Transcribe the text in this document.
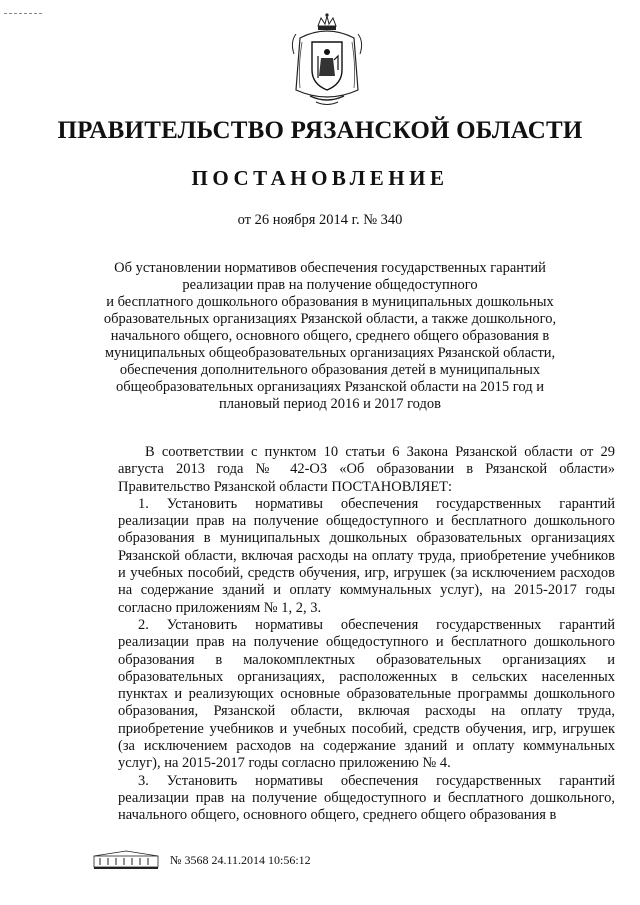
ПРАВИТЕЛЬСТВО РЯЗАНСКОЙ ОБЛАСТИ
ПОСТАНОВЛЕНИЕ
от 26 ноября 2014 г. № 340
Об установлении нормативов обеспечения государственных гарантий
реализации прав на получение общедоступного
и бесплатного дошкольного образования в муниципальных дошкольных
образовательных организациях Рязанской области, а также дошкольного,
начального общего, основного общего, среднего общего образования в
муниципальных общеобразовательных организациях Рязанской области,
обеспечения дополнительного образования детей в муниципальных
общеобразовательных организациях Рязанской области на 2015 год и
плановый период 2016 и 2017 годов

В соответствии с пунктом 10 статьи 6 Закона Рязанской области от 29 августа 2013 года № 42-ОЗ «Об образовании в Рязанской области» Правительство Рязанской области ПОСТАНОВЛЯЕТ:

1. Установить нормативы обеспечения государственных гарантий реализации прав на получение общедоступного и бесплатного дошкольного образования в муниципальных дошкольных образовательных организациях Рязанской области, включая расходы на оплату труда, приобретение учебников и учебных пособий, средств обучения, игр, игрушек (за исключением расходов на содержание зданий и оплату коммунальных услуг), на 2015-2017 годы согласно приложениям № 1, 2, 3.

2. Установить нормативы обеспечения государственных гарантий реализации прав на получение общедоступного и бесплатного дошкольного образования в малокомплектных образовательных организациях и образовательных организациях, расположенных в сельских населенных пунктах и реализующих основные образовательные программы дошкольного образования, Рязанской области, включая расходы на оплату труда, приобретение учебников и учебных пособий, средств обучения, игр, игрушек (за исключением расходов на содержание зданий и оплату коммунальных услуг), на 2015-2017 годы согласно приложению № 4.

3. Установить нормативы обеспечения государственных гарантий реализации прав на получение общедоступного и бесплатного дошкольного, начального общего, основного общего, среднего общего образования в

№ 3568 24.11.2014 10:56:12
